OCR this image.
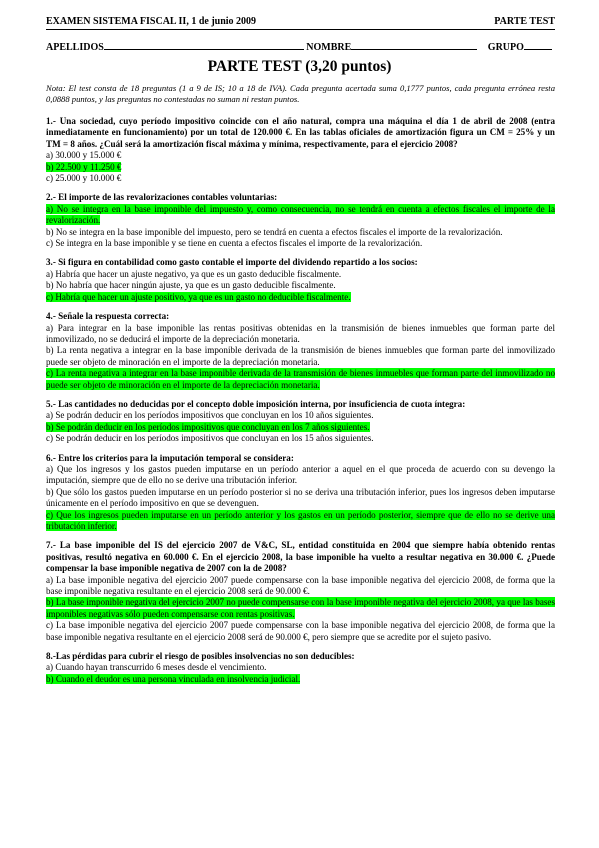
EXAMEN SISTEMA FISCAL II, 1 de junio 2009	PARTE TEST
APELLIDOS	NOMBRE	GRUPO
PARTE TEST (3,20 puntos)
Nota: El test consta de 18 preguntas (1 a 9 de IS; 10 a 18 de IVA). Cada pregunta acertada suma 0,1777 puntos, cada pregunta errónea resta 0,0888 puntos, y las preguntas no contestadas no suman ni restan puntos.
1.- Una sociedad, cuyo período impositivo coincide con el año natural, compra una máquina el día 1 de abril de 2008 (entra inmediatamente en funcionamiento) por un total de 120.000 €. En las tablas oficiales de amortización figura un CM = 25% y un TM = 8 años. ¿Cuál será la amortización fiscal máxima y mínima, respectivamente, para el ejercicio 2008?
a) 30.000 y 15.000 €
b) 22.500 y 11.250 €
c) 25.000 y 10.000 €
2.- El importe de las revalorizaciones contables voluntarias:
a) No se integra en la base imponible del impuesto y, como consecuencia, no se tendrá en cuenta a efectos fiscales el importe de la revalorización.
b) No se integra en la base imponible del impuesto, pero se tendrá en cuenta a efectos fiscales el importe de la revalorización.
c) Se integra en la base imponible y se tiene en cuenta a efectos fiscales el importe de la revalorización.
3.- Si figura en contabilidad como gasto contable el importe del dividendo repartido a los socios:
a) Habría que hacer un ajuste negativo, ya que es un gasto deducible fiscalmente.
b) No habría que hacer ningún ajuste, ya que es un gasto deducible fiscalmente.
c) Habría que hacer un ajuste positivo, ya que es un gasto no deducible fiscalmente.
4.- Señale la respuesta correcta:
a) Para integrar en la base imponible las rentas positivas obtenidas en la transmisión de bienes inmuebles que forman parte del inmovilizado, no se deducirá el importe de la depreciación monetaria.
b) La renta negativa a integrar en la base imponible derivada de la transmisión de bienes inmuebles que forman parte del inmovilizado puede ser objeto de minoración en el importe de la depreciación monetaria.
c) La renta negativa a integrar en la base imponible derivada de la transmisión de bienes inmuebles que forman parte del inmovilizado no puede ser objeto de minoración en el importe de la depreciación monetaria.
5.- Las cantidades no deducidas por el concepto doble imposición interna, por insuficiencia de cuota íntegra:
a) Se podrán deducir en los períodos impositivos que concluyan en los 10 años siguientes.
b) Se podrán deducir en los períodos impositivos que concluyan en los 7 años siguientes.
c) Se podrán deducir en los períodos impositivos que concluyan en los 15 años siguientes.
6.- Entre los criterios para la imputación temporal se considera:
a) Que los ingresos y los gastos pueden imputarse en un período anterior a aquel en el que proceda de acuerdo con su devengo la imputación, siempre que de ello no se derive una tributación inferior.
b) Que sólo los gastos pueden imputarse en un período posterior si no se deriva una tributación inferior, pues los ingresos deben imputarse únicamente en el período impositivo en que se devenguen.
c) Que los ingresos pueden imputarse en un período anterior y los gastos en un período posterior, siempre que de ello no se derive una tributación inferior.
7.- La base imponible del IS del ejercicio 2007 de V&C, SL, entidad constituida en 2004 que siempre había obtenido rentas positivas, resultó negativa en 60.000 €. En el ejercicio 2008, la base imponible ha vuelto a resultar negativa en 30.000 €. ¿Puede compensar la base imponible negativa de 2007 con la de 2008?
a) La base imponible negativa del ejercicio 2007 puede compensarse con la base imponible negativa del ejercicio 2008, de forma que la base imponible negativa resultante en el ejercicio 2008 será de 90.000 €.
b) La base imponible negativa del ejercicio 2007 no puede compensarse con la base imponible negativa del ejercicio 2008, ya que las bases imponibles negativas sólo pueden compensarse con rentas positivas.
c) La base imponible negativa del ejercicio 2007 puede compensarse con la base imponible negativa del ejercicio 2008, de forma que la base imponible negativa resultante en el ejercicio 2008 será de 90.000 €, pero siempre que se acredite por el sujeto pasivo.
8.-Las pérdidas para cubrir el riesgo de posibles insolvencias no son deducibles:
a) Cuando hayan transcurrido 6 meses desde el vencimiento.
b) Cuando el deudor es una persona vinculada en insolvencia judicial.
